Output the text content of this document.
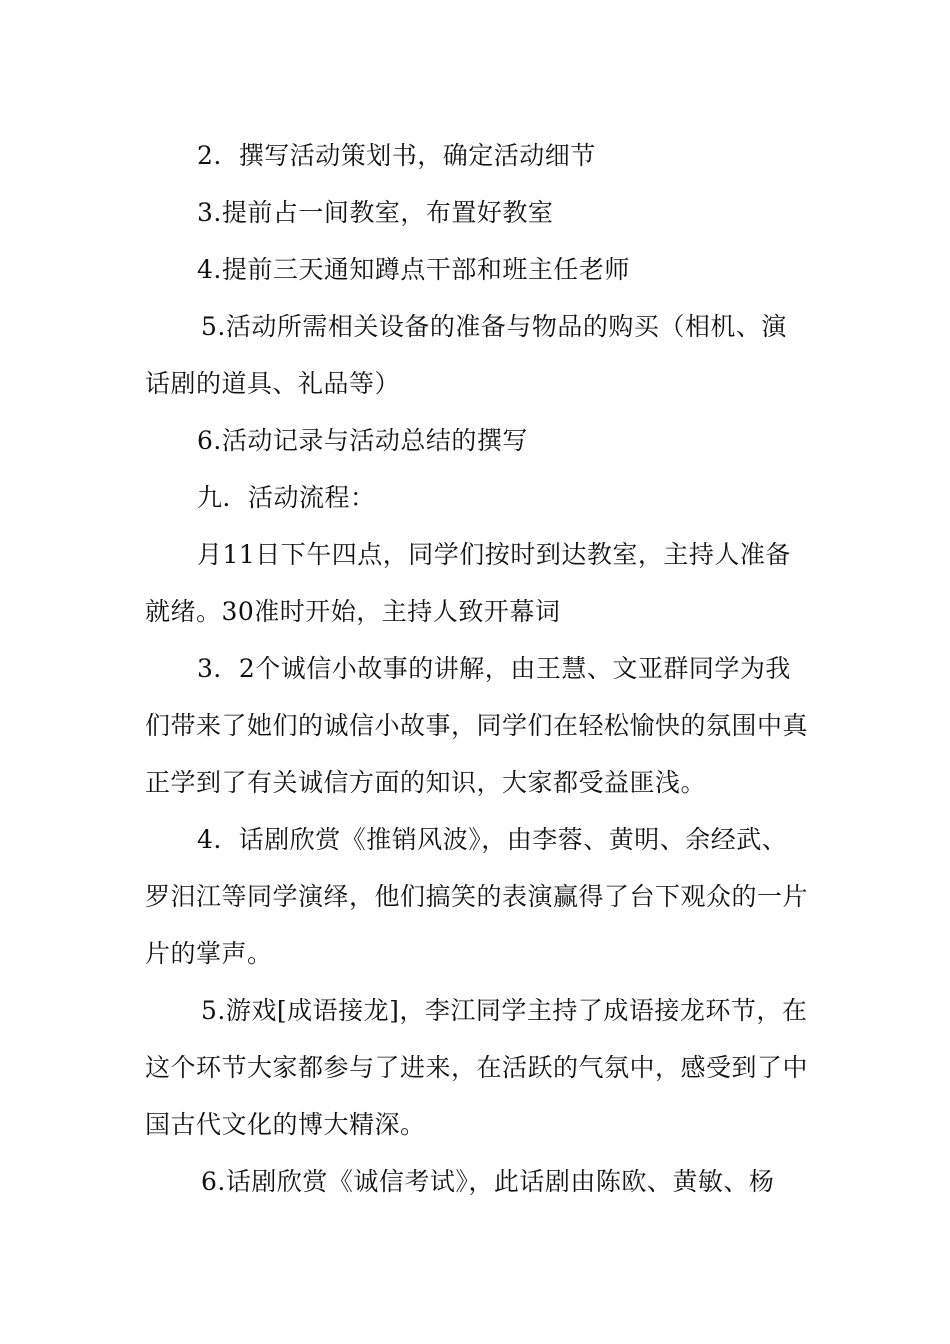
2.  撰写活动策划书，确定活动细节

3.提前占一间教室，布置好教室

4.提前三天通知蹲点干部和班主任老师

5.活动所需相关设备的准备与物品的购买（相机、演话剧的道具、礼品等）

6.活动记录与活动总结的撰写

九．活动流程：

月11日下午四点，同学们按时到达教室，主持人准备就绪。30准时开始，主持人致开幕词

3．2个诚信小故事的讲解，由王慧、文亚群同学为我们带来了她们的诚信小故事，同学们在轻松愉快的氛围中真正学到了有关诚信方面的知识，大家都受益匪浅。

4.  话剧欣赏《推销风波》，由李蓉、黄明、余经武、罗汨江等同学演绎，他们搞笑的表演赢得了台下观众的一片片的掌声。

5.游戏[成语接龙]，李江同学主持了成语接龙环节，在这个环节大家都参与了进来，在活跃的气氛中，感受到了中国古代文化的博大精深。

6.话剧欣赏《诚信考试》，此话剧由陈欧、黄敏、杨
